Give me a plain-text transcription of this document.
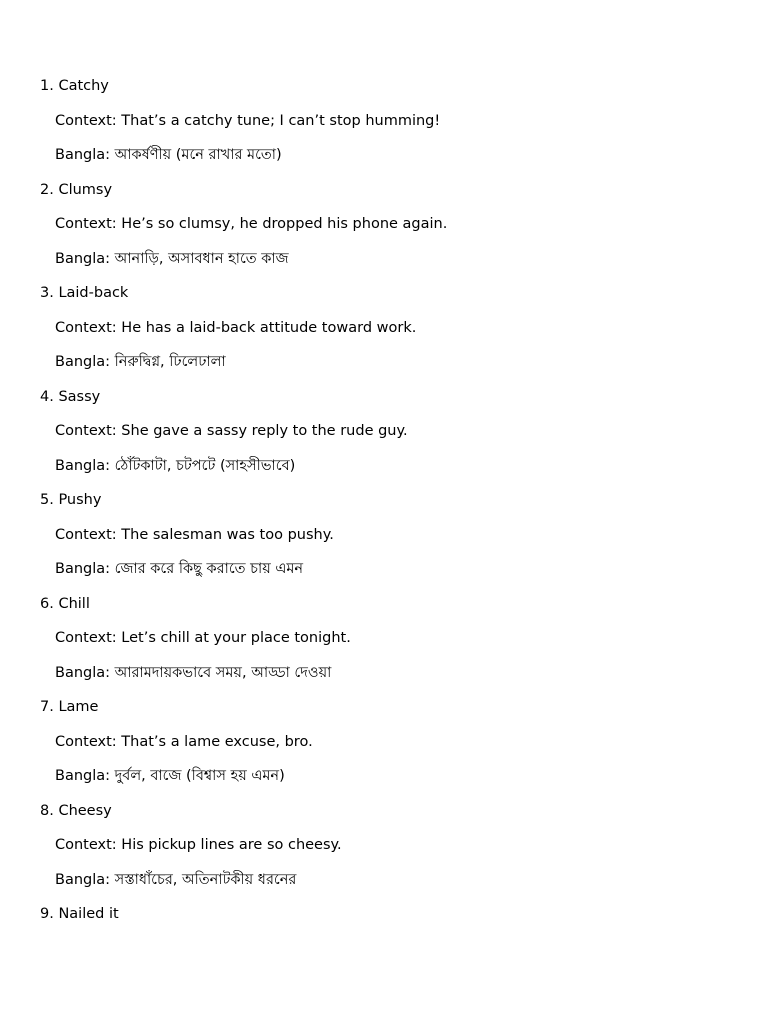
1. Catchy
Context: That’s a catchy tune; I can’t stop humming!
Bangla: আকর্ষণীয় (মনে রাখার মতো)
2. Clumsy
Context: He’s so clumsy, he dropped his phone again.
Bangla: আনাড়ি, অসাবধান হাতে কাজ
3. Laid-back
Context: He has a laid-back attitude toward work.
Bangla: নিরুদ্বিগ্ন, ঢিলেঢালা
4. Sassy
Context: She gave a sassy reply to the rude guy.
Bangla: ঠোঁটকাটা, চটপটে (সাহসীভাবে)
5. Pushy
Context: The salesman was too pushy.
Bangla: জোর করে কিছু করাতে চায় এমন
6. Chill
Context: Let’s chill at your place tonight.
Bangla: আরামদায়কভাবে সময়, আড্ডা দেওয়া
7. Lame
Context: That’s a lame excuse, bro.
Bangla: দুর্বল, বাজে (বিশ্বাস হয় এমন)
8. Cheesy
Context: His pickup lines are so cheesy.
Bangla: সস্তাধাঁচের, অতিনাটকীয় ধরনের
9. Nailed it
